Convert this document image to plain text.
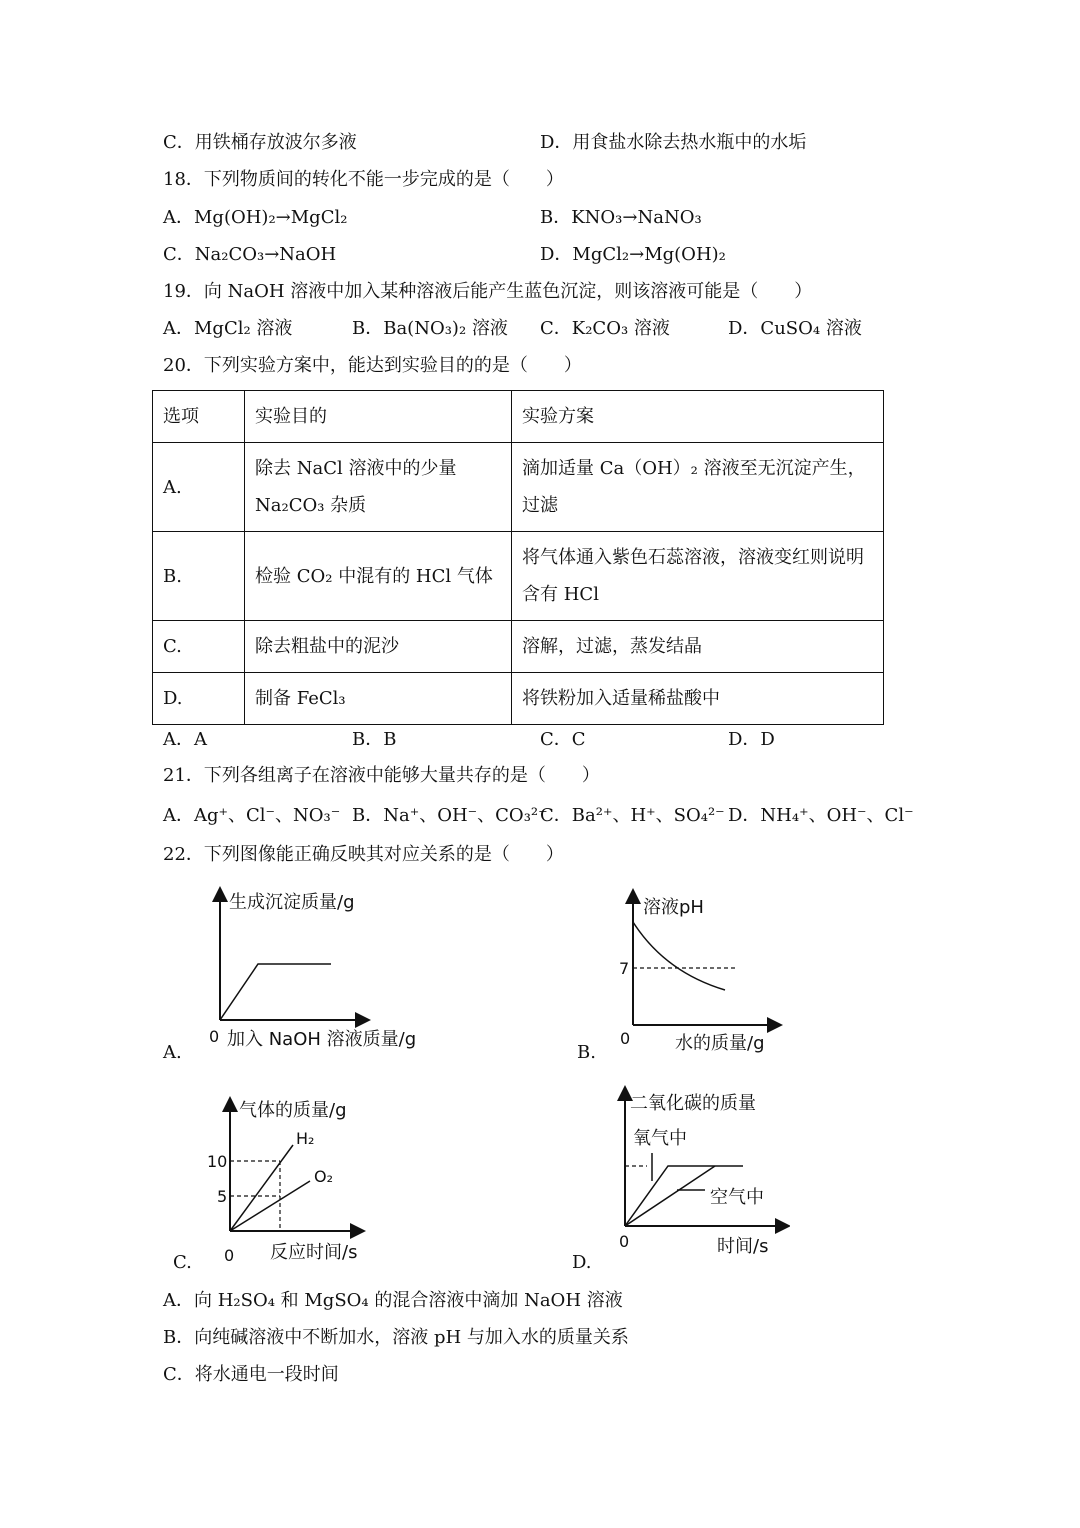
C．用铁桶存放波尔多液	D．用食盐水除去热水瓶中的水垢
18．下列物质间的转化不能一步完成的是（　　）
A．Mg(OH)₂→MgCl₂	B．KNO₃→NaNO₃
C．Na₂CO₃→NaOH	D．MgCl₂→Mg(OH)₂
19．向 NaOH 溶液中加入某种溶液后能产生蓝色沉淀，则该溶液可能是（　　）
A．MgCl₂ 溶液	B．Ba(NO₃)₂ 溶液 C．K₂CO₃ 溶液	D．CuSO₄ 溶液
20．下列实验方案中，能达到实验目的的是（　　）
选项	实验目的	实验方案
A.	除去 NaCl 溶液中的少量 Na₂CO₃ 杂质	滴加适量 Ca（OH）₂ 溶液至无沉淀产生，过滤
B.	检验 CO₂ 中混有的 HCl 气体	将气体通入紫色石蕊溶液，溶液变红则说明含有 HCl
C.	除去粗盐中的泥沙	溶解，过滤，蒸发结晶
D.	制备 FeCl₃	将铁粉加入适量稀盐酸中
A．A	B．B	C．C	D．D
21．下列各组离子在溶液中能够大量共存的是（　　）
A．Ag⁺、Cl⁻、NO₃⁻ B．Na⁺、OH⁻、CO₃²⁻
C．Ba²⁺、H⁺、SO₄²⁻ D．NH₄⁺、OH⁻、Cl⁻
22．下列图像能正确反映其对应关系的是（　　）
A.
生成沉淀质量/g
0 加入 NaOH 溶液质量/g
B.
溶液pH
7
0 水的质量/g
C.
气体的质量/g
10
5
H₂
O₂
0 反应时间/s	D.
二氧化碳的质量
氧气中
空气中
0	时间/s
A．向 H₂SO₄ 和 MgSO₄ 的混合溶液中滴加 NaOH 溶液
B．向纯碱溶液中不断加水，溶液 pH 与加入水的质量关系
C．将水通电一段时间
